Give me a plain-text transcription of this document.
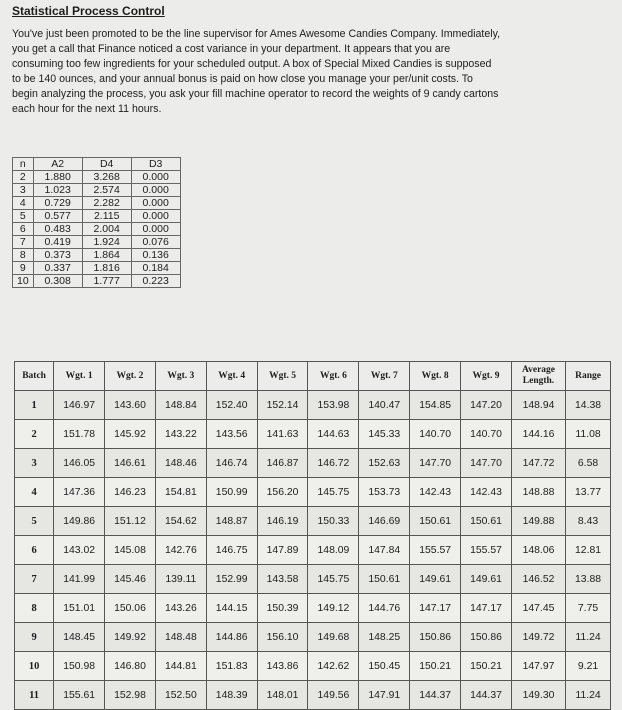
Statistical Process Control
You've just been promoted to be the line supervisor for Ames Awesome Candies Company. Immediately,
you get a call that Finance noticed a cost variance in your department. It appears that you are
consuming too few ingredients for your scheduled output. A box of Special Mixed Candies is supposed
to be 140 ounces, and your annual bonus is paid on how close you manage your per/unit costs. To
begin analyzing the process, you ask your fill machine operator to record the weights of 9 candy cartons
each hour for the next 11 hours.
n	A2	D4	D3
2	1.880	3.268	0.000
3	1.023	2.574	0.000
4	0.729	2.282	0.000
5	0.577	2.115	0.000
6	0.483	2.004	0.000
7	0.419	1.924	0.076
8	0.373	1.864	0.136
9	0.337	1.816	0.184
10	0.308	1.777	0.223
Batch	Wgt. 1	Wgt. 2	Wgt. 3	Wgt. 4	Wgt. 5	Wgt. 6	Wgt. 7	Wgt. 8	Wgt. 9	Average Length.	Range
1	146.97	143.60	148.84	152.40	152.14	153.98	140.47	154.85	147.20	148.94	14.38
2	151.78	145.92	143.22	143.56	141.63	144.63	145.33	140.70	140.70	144.16	11.08
3	146.05	146.61	148.46	146.74	146.87	146.72	152.63	147.70	147.70	147.72	6.58
4	147.36	146.23	154.81	150.99	156.20	145.75	153.73	142.43	142.43	148.88	13.77
5	149.86	151.12	154.62	148.87	146.19	150.33	146.69	150.61	150.61	149.88	8.43
6	143.02	145.08	142.76	146.75	147.89	148.09	147.84	155.57	155.57	148.06	12.81
7	141.99	145.46	139.11	152.99	143.58	145.75	150.61	149.61	149.61	146.52	13.88
8	151.01	150.06	143.26	144.15	150.39	149.12	144.76	147.17	147.17	147.45	7.75
9	148.45	149.92	148.48	144.86	156.10	149.68	148.25	150.86	150.86	149.72	11.24
10	150.98	146.80	144.81	151.83	143.86	142.62	150.45	150.21	150.21	147.97	9.21
11	155.61	152.98	152.50	148.39	148.01	149.56	147.91	144.37	144.37	149.30	11.24
